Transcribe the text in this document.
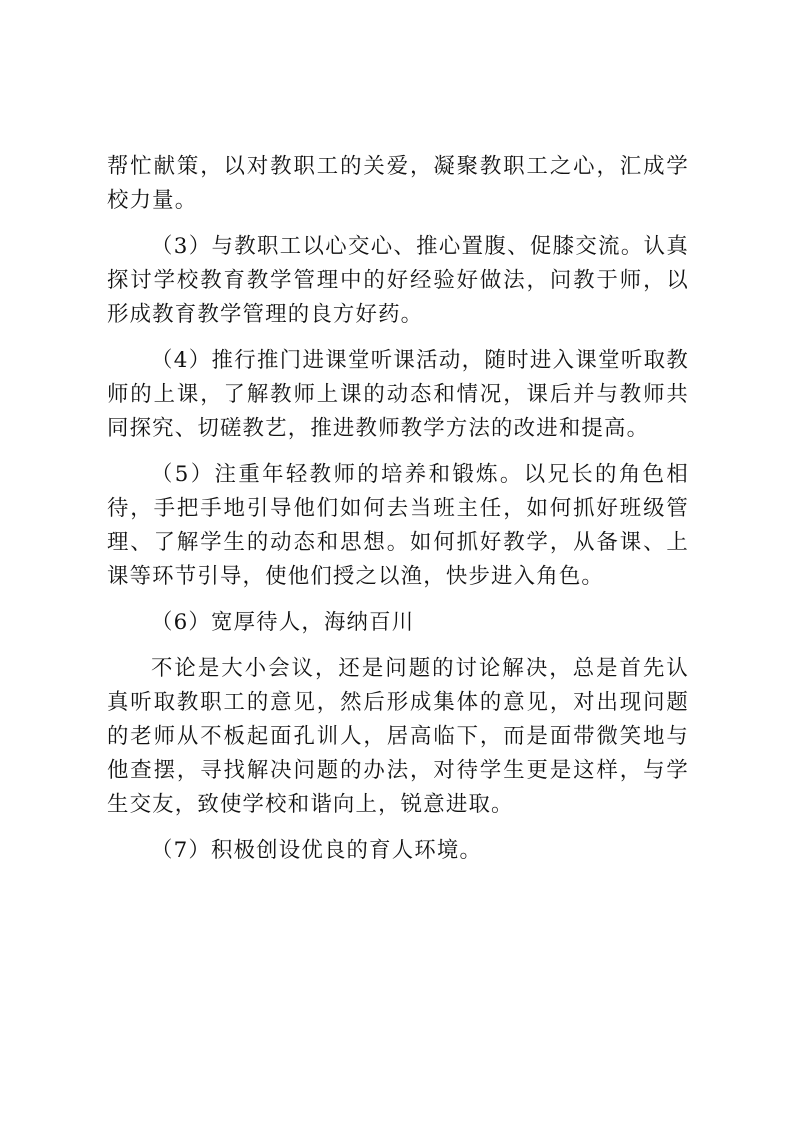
帮忙献策，以对教职工的关爱，凝聚教职工之心，汇成学校力量。

（3）与教职工以心交心、推心置腹、促膝交流。认真探讨学校教育教学管理中的好经验好做法，问教于师，以形成教育教学管理的良方好药。

（4）推行推门进课堂听课活动，随时进入课堂听取教师的上课，了解教师上课的动态和情况，课后并与教师共同探究、切磋教艺，推进教师教学方法的改进和提高。

（5）注重年轻教师的培养和锻炼。以兄长的角色相待，手把手地引导他们如何去当班主任，如何抓好班级管理、了解学生的动态和思想。如何抓好教学，从备课、上课等环节引导，使他们授之以渔，快步进入角色。

（6）宽厚待人，海纳百川

不论是大小会议，还是问题的讨论解决，总是首先认真听取教职工的意见，然后形成集体的意见，对出现问题的老师从不板起面孔训人，居高临下，而是面带微笑地与他查摆，寻找解决问题的办法，对待学生更是这样，与学生交友，致使学校和谐向上，锐意进取。

（7）积极创设优良的育人环境。
